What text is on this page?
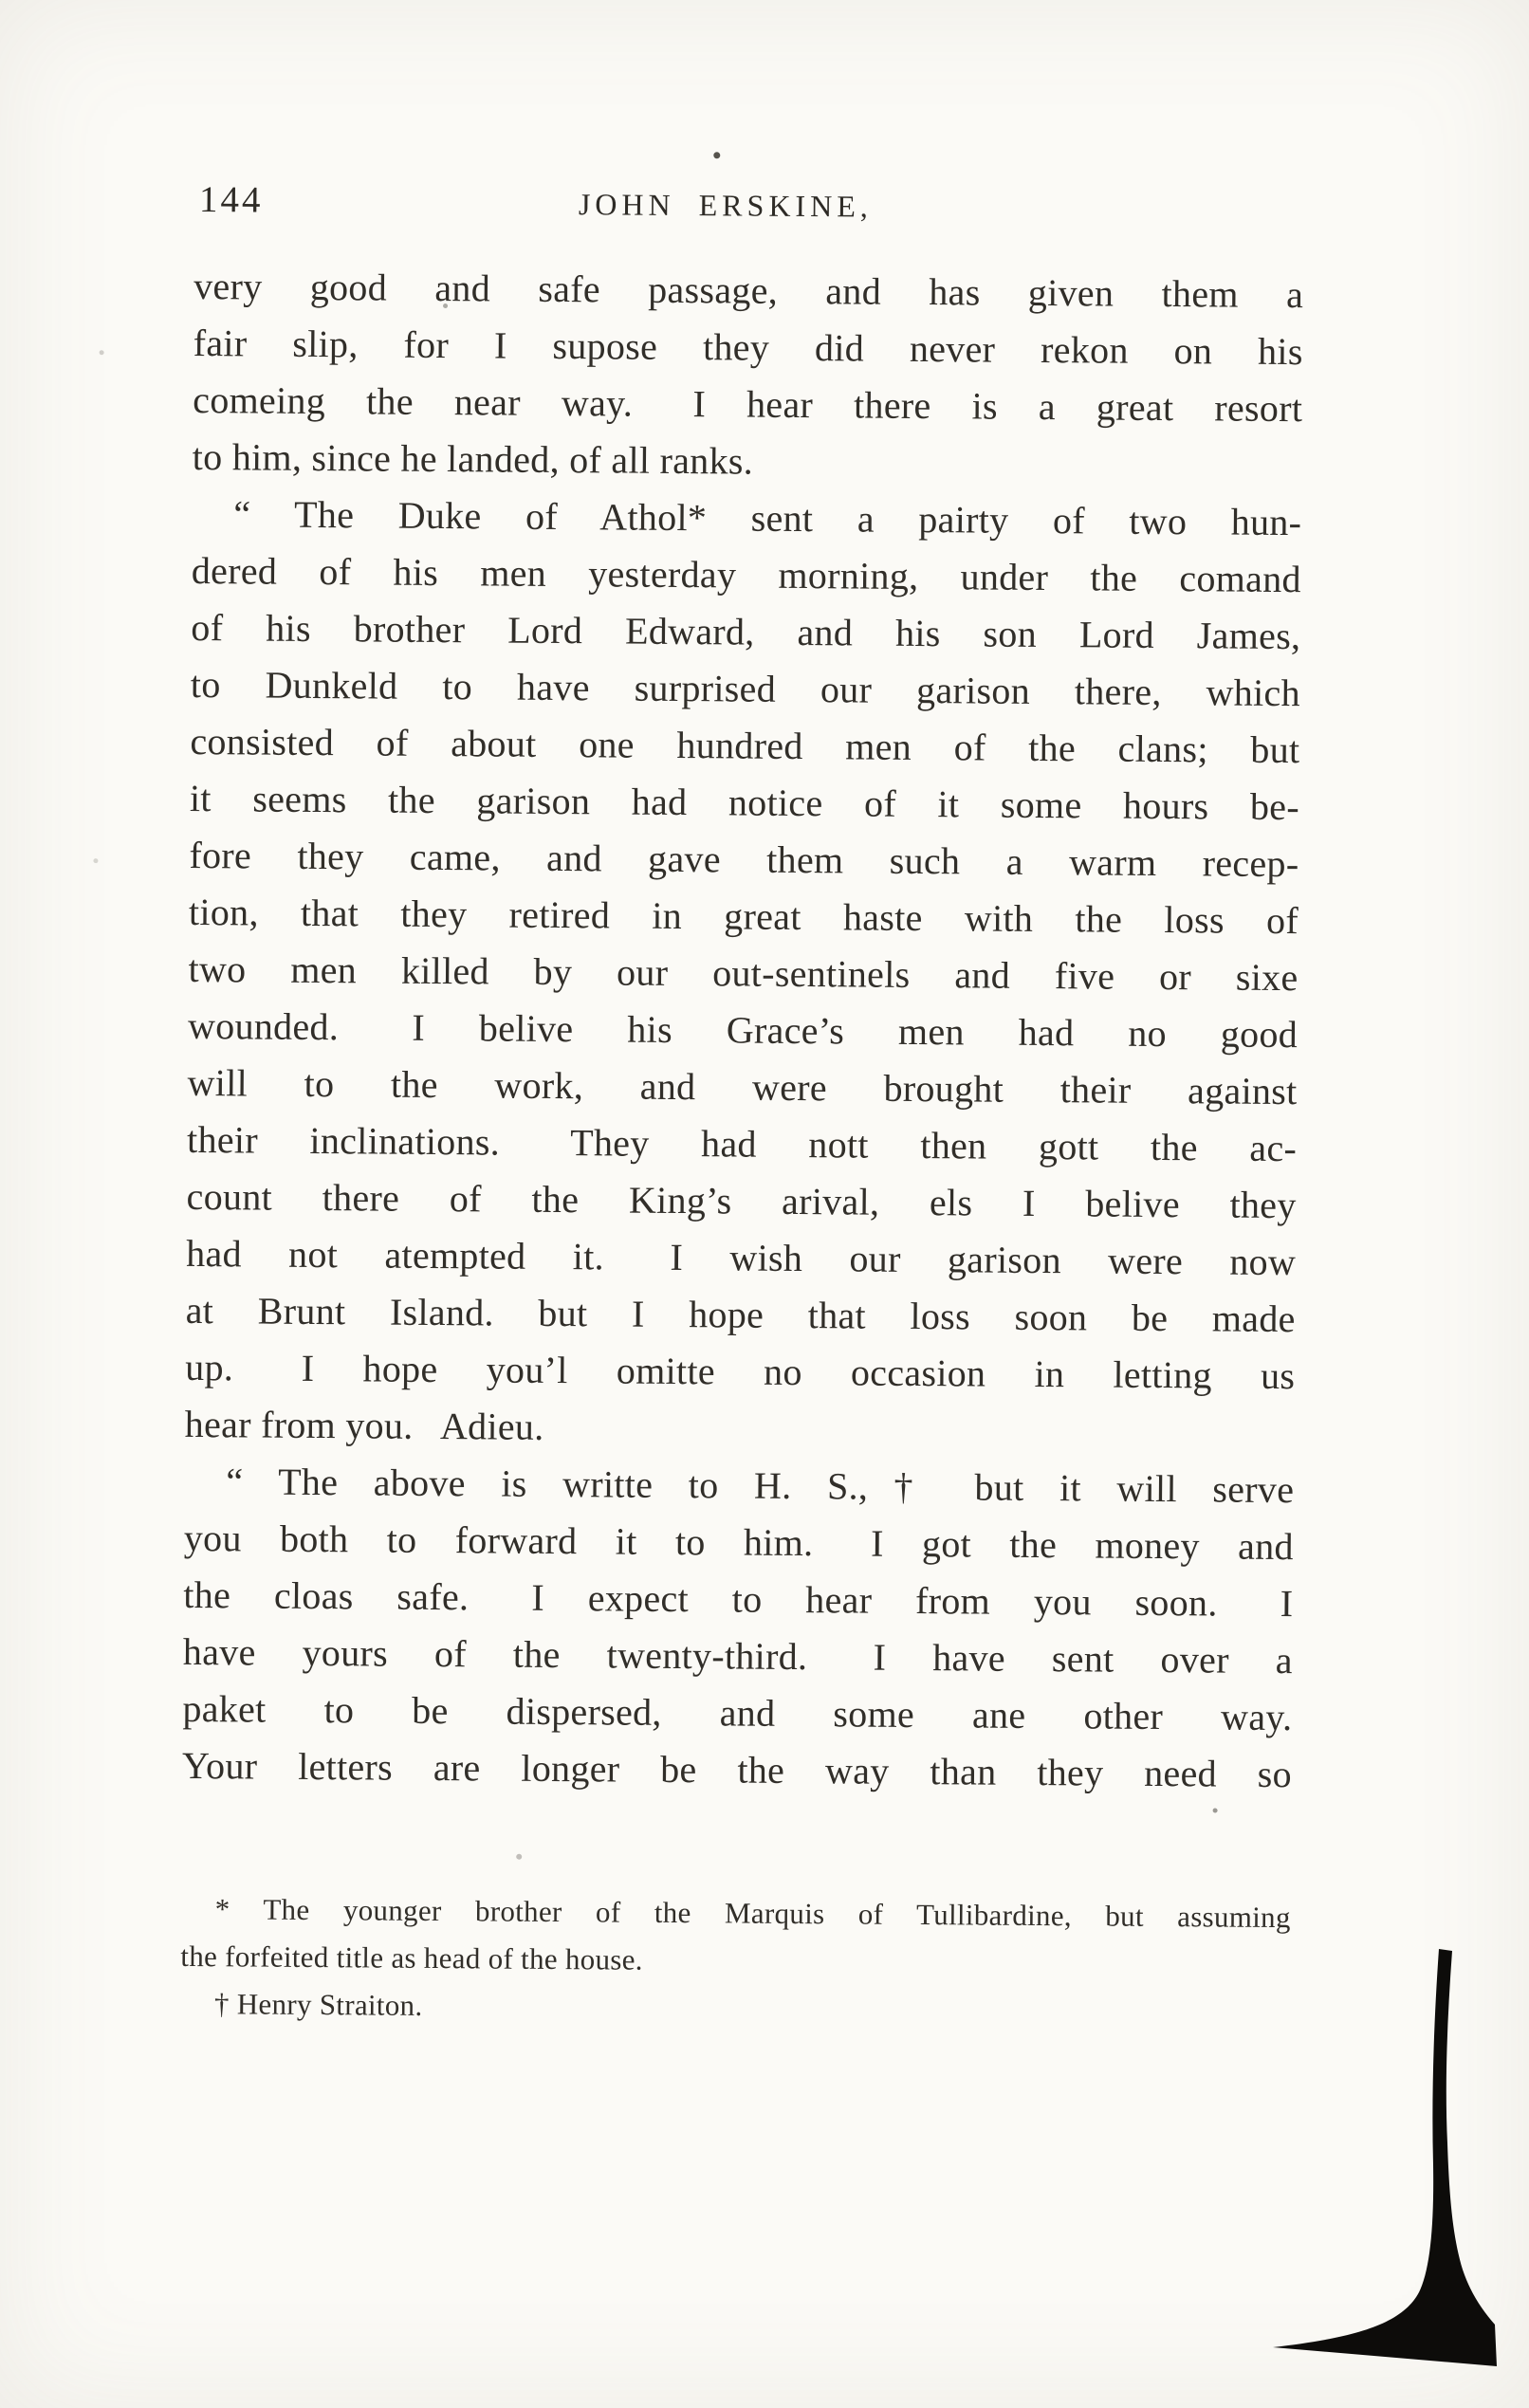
144	JOHN ERSKINE,
very good and safe passage, and has given them a
fair slip, for I supose they did never rekon on his
comeing the near way.  I hear there is a great resort
to him, since he landed, of all ranks.
“ The Duke of Athol* sent a pairty of two hun-
dered of his men yesterday morning, under the comand
of his brother Lord Edward, and his son Lord James,
to Dunkeld to have surprised our garison there, which
consisted of about one hundred men of the clans; but
it seems the garison had notice of it some hours be-
fore they came, and gave them such a warm recep-
tion, that they retired in great haste with the loss of
two men killed by our out-sentinels and five or sixe
wounded.  I belive his Grace’s men had no good
will to the work, and were brought their against
their inclinations.  They had nott then gott the ac-
count there of the King’s arival, els I belive they
had not atempted it.  I wish our garison were now
at Brunt Island. but I hope that loss soon be made
up.  I hope you’l omitte no occasion in letting us
hear from you.  Adieu.
“ The above is writte to H. S.,† but it will serve
you both to forward it to him.  I got the money and
the cloas safe.  I expect to hear from you soon.  I
have yours of the twenty-third.  I have sent over a
paket to be dispersed, and some ane other way.
Your letters are longer be the way than they need so
* The younger brother of the Marquis of Tullibardine, but assuming
the forfeited title as head of the house.
† Henry Straiton.
